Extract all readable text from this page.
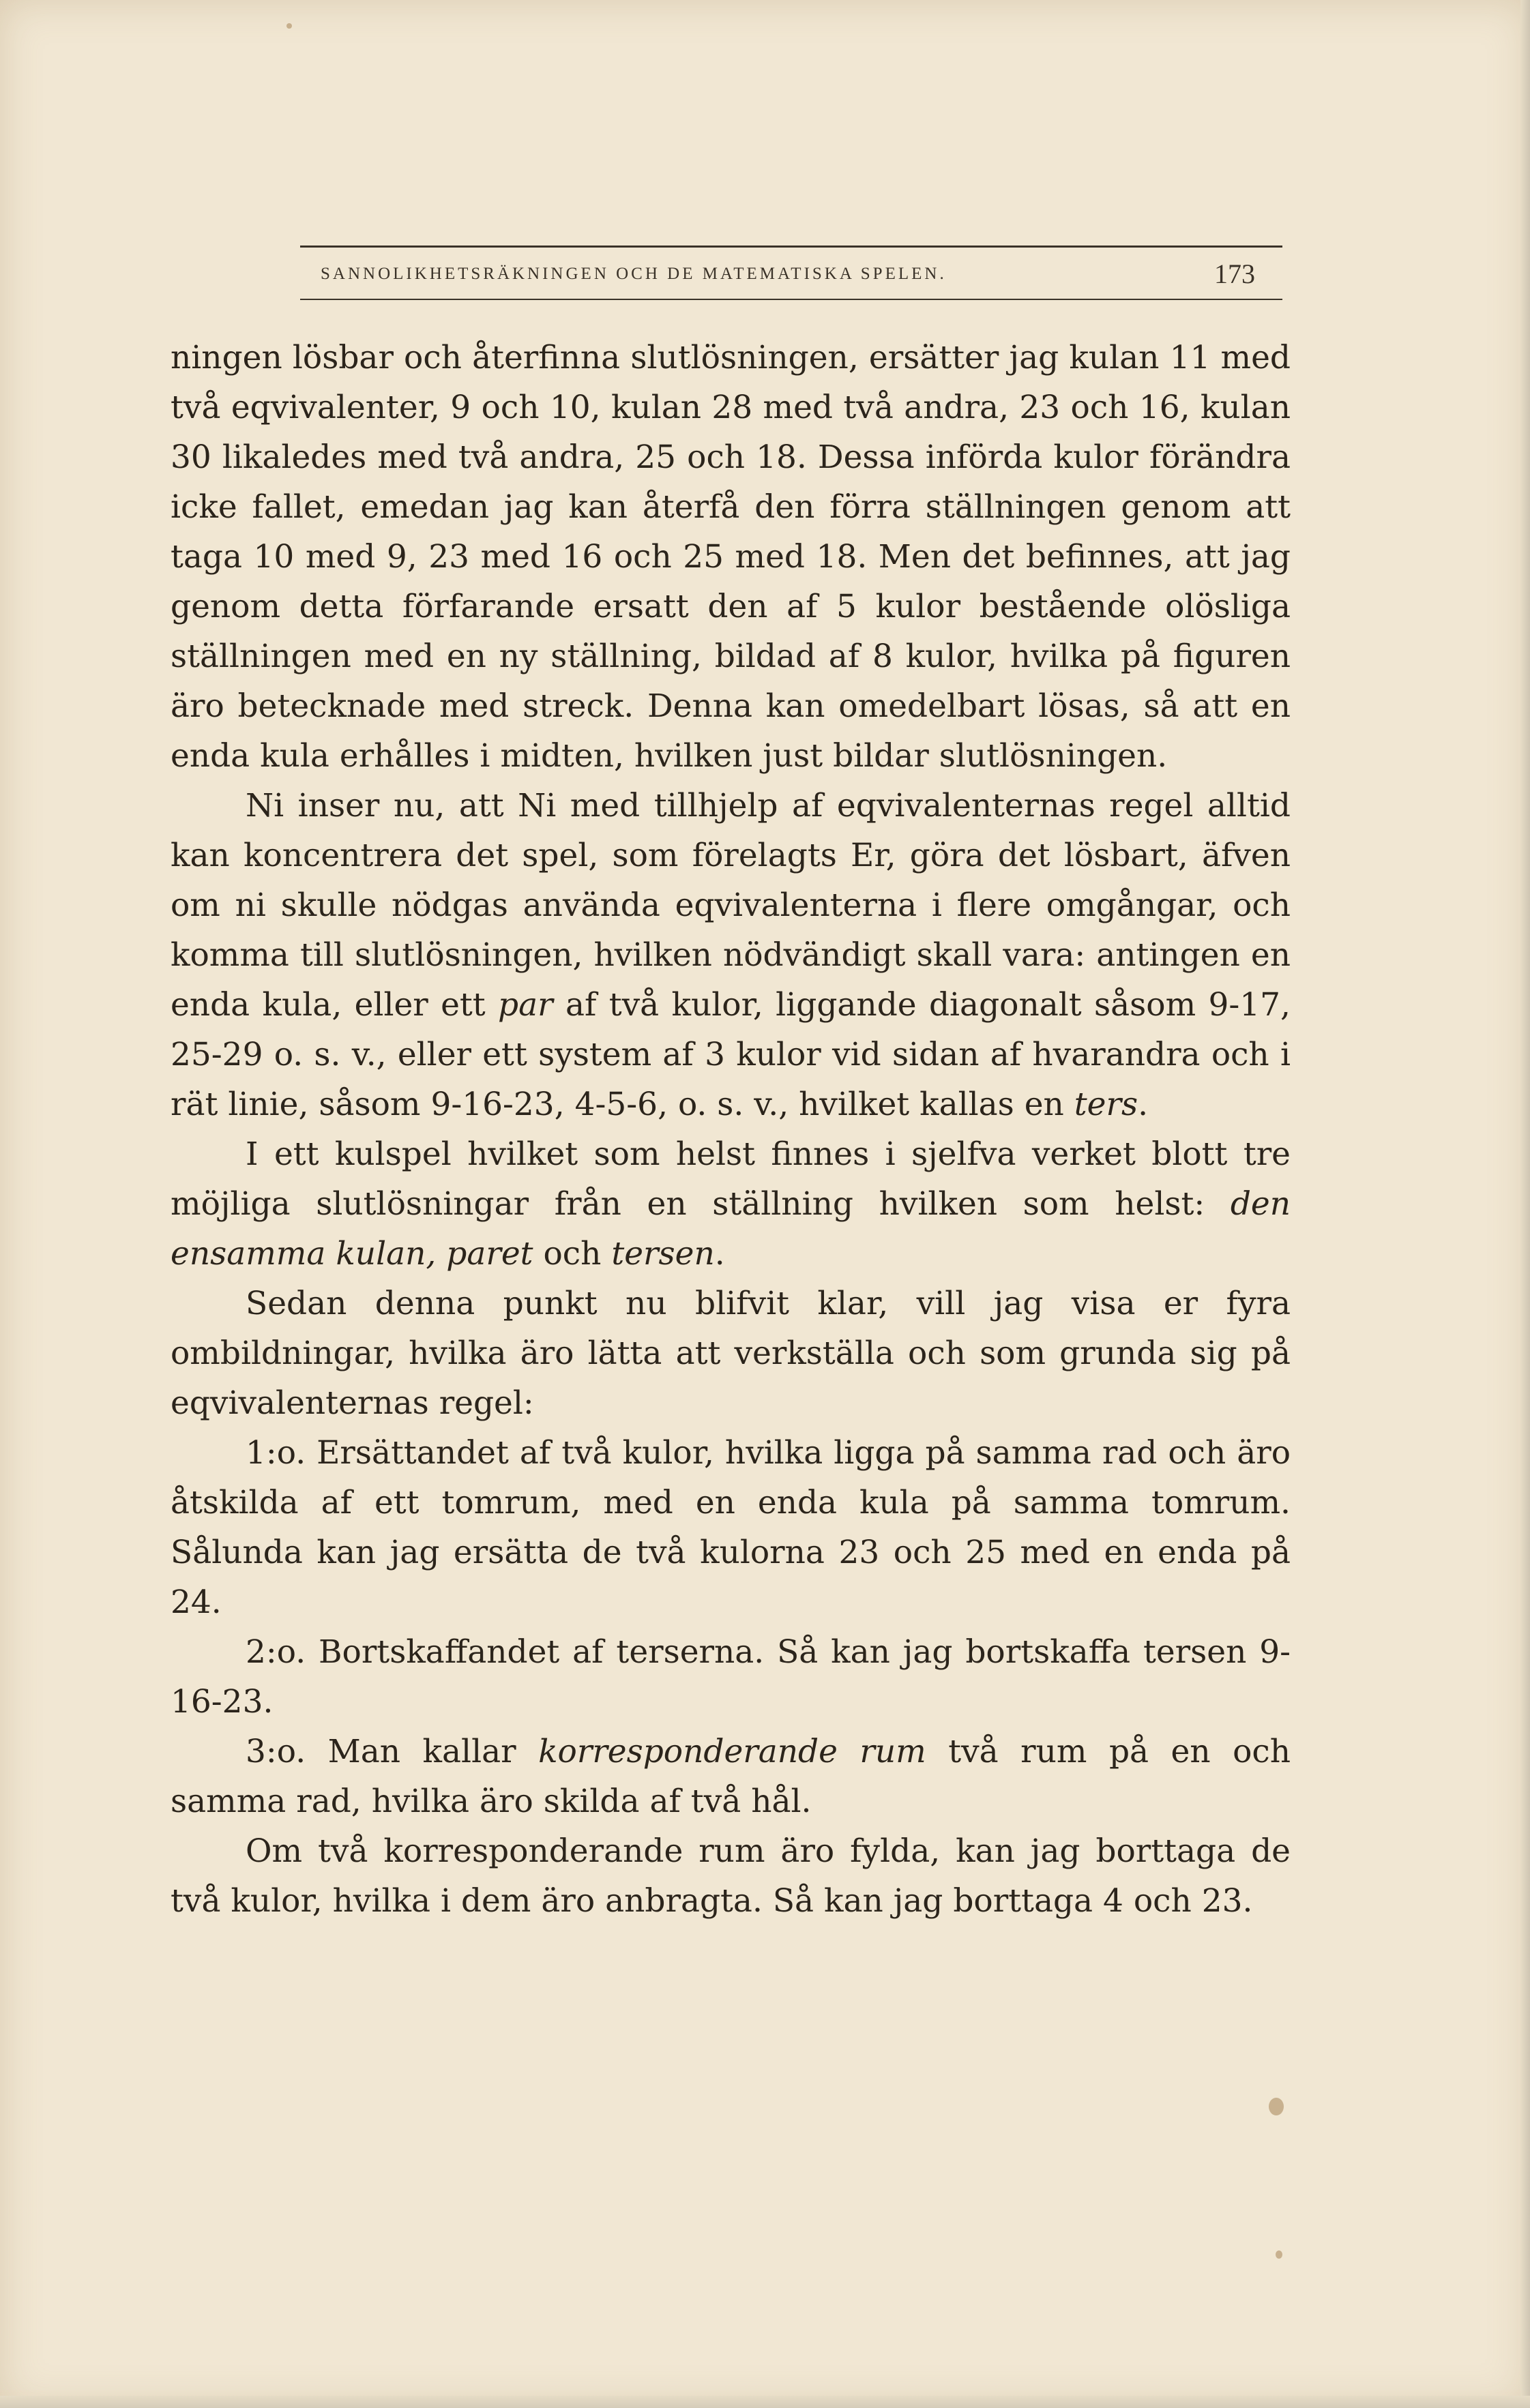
SANNOLIKHETSRÄKNINGEN OCH DE MATEMATISKA SPELEN.	173

ningen lösbar och återfinna slutlösningen, ersätter jag kulan 11 med två eqvivalenter, 9 och 10, kulan 28 med två andra, 23 och 16, kulan 30 likaledes med två andra, 25 och 18. Dessa införda kulor förändra icke fallet, emedan jag kan återfå den förra ställningen genom att taga 10 med 9, 23 med 16 och 25 med 18. Men det befinnes, att jag genom detta förfarande ersatt den af 5 kulor bestående olösliga ställningen med en ny ställning, bildad af 8 kulor, hvilka på figuren äro betecknade med streck. Denna kan omedelbart lösas, så att en enda kula erhålles i midten, hvilken just bildar slutlösningen.

Ni inser nu, att Ni med tillhjelp af eqvivalenternas regel alltid kan koncentrera det spel, som förelagts Er, göra det lösbart, äfven om ni skulle nödgas använda eqvivalenterna i flere omgångar, och komma till slutlösningen, hvilken nödvändigt skall vara: antingen en enda kula, eller ett par af två kulor, liggande diagonalt såsom 9-17, 25-29 o. s. v., eller ett system af 3 kulor vid sidan af hvarandra och i rät linie, såsom 9-16-23, 4-5-6, o. s. v., hvilket kallas en ters.

I ett kulspel hvilket som helst finnes i sjelfva verket blott tre möjliga slutlösningar från en ställning hvilken som helst: den ensamma kulan, paret och tersen.

Sedan denna punkt nu blifvit klar, vill jag visa er fyra ombildningar, hvilka äro lätta att verkställa och som grunda sig på eqvivalenternas regel:

1:o. Ersättandet af två kulor, hvilka ligga på samma rad och äro åtskilda af ett tomrum, med en enda kula på samma tomrum. Sålunda kan jag ersätta de två kulorna 23 och 25 med en enda på 24.

2:o. Bortskaffandet af terserna. Så kan jag bortskaffa tersen 9-16-23.

3:o. Man kallar korresponderande rum två rum på en och samma rad, hvilka äro skilda af två hål.

Om två korresponderande rum äro fylda, kan jag borttaga de två kulor, hvilka i dem äro anbragta. Så kan jag borttaga 4 och 23.
